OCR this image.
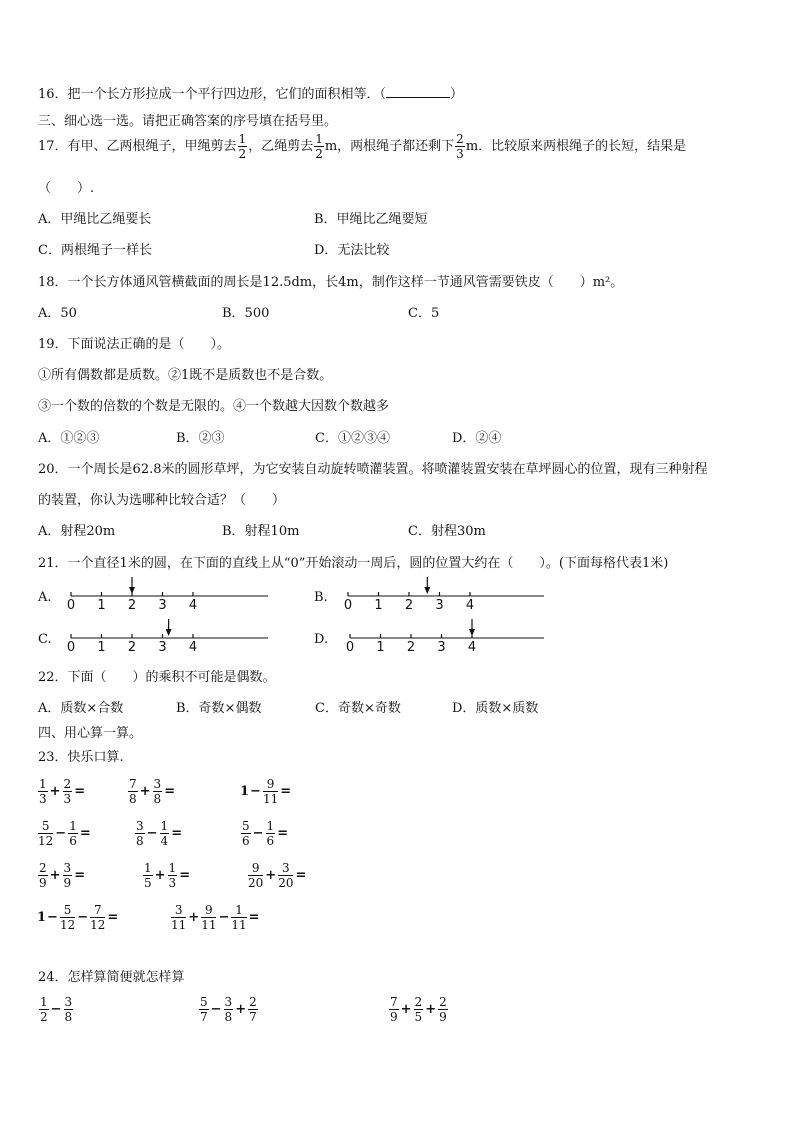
16．把一个长方形拉成一个平行四边形，它们的面积相等．（	）
三、细心选一选。请把正确答案的序号填在括号里。
17．有甲、乙两根绳子，甲绳剪去 $\frac{1}{2}$ ，乙绳剪去 $\frac{1}{2}$ m，两根绳子都还剩下 $\frac{2}{3}$ m．比较原来两根绳子的长短，结果是
（　　）.
A．甲绳比乙绳要长	B．甲绳比乙绳要短
C．两根绳子一样长	D．无法比较
18．一个长方体通风管横截面的周长是12.5dm，长4m，制作这样一节通风管需要铁皮（　　）m²。
A．50	B．500	C．5
19．下面说法正确的是（　　）。
①所有偶数都是质数。②1既不是质数也不是合数。
③一个数的倍数的个数是无限的。④一个数越大因数个数越多
A．①②③	B．②③	C．①②③④	D．②④
20．一个周长是62.8米的圆形草坪，为它安装自动旋转喷灌装置。将喷灌装置安装在草坪圆心的位置，现有三种射程
的装置，你认为选哪种比较合适？（　　）
A．射程20m	B．射程10m	C．射程30m
21．一个直径1米的圆，在下面的直线上从“0”开始滚动一周后，圆的位置大约在（　　）。(下面每格代表1米)
A.
0 1 2 3 4
B.
0 1 2 3 4
C.
0 1 2 3 4
D.
0 1 2 3 4
22．下面（　　）的乘积不可能是偶数。
A．质数×合数	B．奇数×偶数	C．奇数×奇数	D．质数×质数
四、用心算一算。
23．快乐口算.
$\frac{1}{3} + \frac{2}{3}$ =	$\frac{7}{8} + \frac{3}{8}$ =	$1- \frac{9}{11}$ =
$\frac{5}{12} - \frac{1}{6}$ =	$\frac{3}{8} - \frac{1}{4}$ =	$\frac{5}{6} - \frac{1}{6}$ =
$\frac{2}{9} + \frac{3}{9}$ =	$\frac{1}{5} + \frac{1}{3}$ =	$\frac{9}{20} + \frac{3}{20}$ =
$1- \frac{5}{12} - \frac{7}{12}$ =	$\frac{3}{11} + \frac{9}{11} - \frac{1}{11}$ =
24．怎样算简便就怎样算
$\frac{1}{2} - \frac{3}{8}$	$\frac{5}{7} - \frac{3}{8} + \frac{2}{7}$	$\frac{7}{9} + \frac{2}{5} + \frac{2}{9}$
